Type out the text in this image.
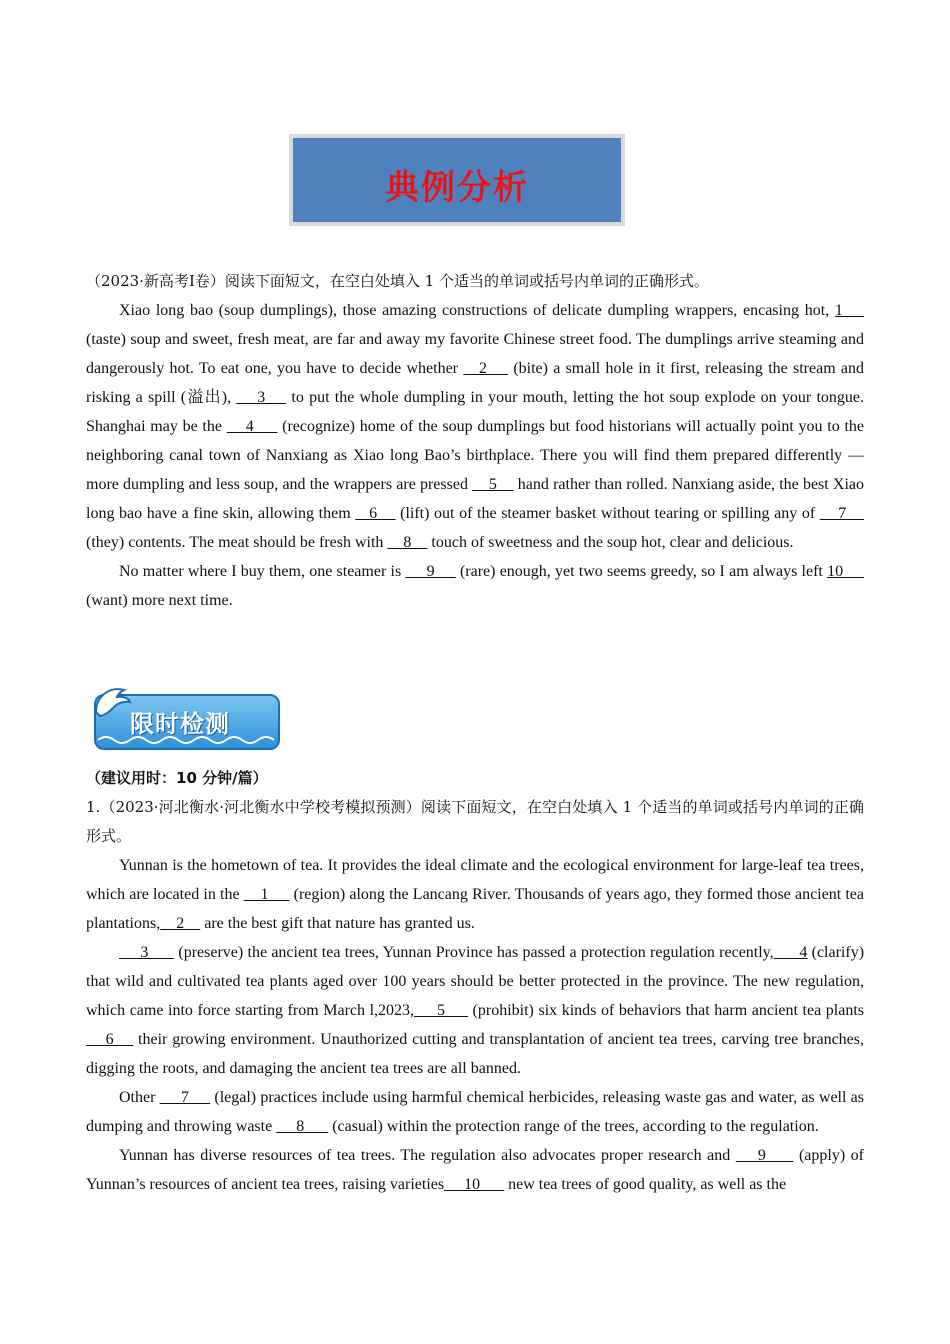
典例分析

（2023·新高考Ⅰ卷）阅读下面短文，在空白处填入 1 个适当的单词或括号内单词的正确形式。

Xiao long bao (soup dumplings), those amazing constructions of delicate dumpling wrappers, encasing hot, 1     (taste) soup and sweet, fresh meat, are far and away my favorite Chinese street food. The dumplings arrive steaming and dangerously hot. To eat one, you have to decide whether    2     (bite) a small hole in it first, releasing the stream and risking a spill (溢出),     3     to put the whole dumpling in your mouth, letting the hot soup explode on your tongue. Shanghai may be the     4      (recognize) home of the soup dumplings but food historians will actually point you to the neighboring canal town of Nanxiang as Xiao long Bao’s birthplace. There you will find them prepared differently — more dumpling and less soup, and the wrappers are pressed     5     hand rather than rolled. Nanxiang aside, the best Xiao long bao have a fine skin, allowing them    6     (lift) out of the steamer basket without tearing or spilling any of     7     (they) contents. The meat should be fresh with     8     touch of sweetness and the soup hot, clear and delicious.

No matter where I buy them, one steamer is      9      (rare) enough, yet two seems greedy, so I am always left 10      (want) more next time.

限时检测

（建议用时：10 分钟/篇）

1.（2023·河北衡水·河北衡水中学校考模拟预测）阅读下面短文，在空白处填入 1 个适当的单词或括号内单词的正确形式。

Yunnan is the hometown of tea. It provides the ideal climate and the ecological environment for large-leaf tea trees, which are located in the     1      (region) along the Lancang River. Thousands of years ago, they formed those ancient tea plantations,    2     are the best gift that nature has granted us.

3       (preserve) the ancient tea trees, Yunnan Province has passed a protection regulation recently,      4 (clarify) that wild and cultivated tea plants aged over 100 years should be better protected in the province. The new regulation, which came into force starting from March l,2023,     5      (prohibit) six kinds of behaviors that harm ancient tea plants     6     their growing environment. Unauthorized cutting and transplantation of ancient tea trees, carving tree branches, digging the roots, and damaging the ancient tea trees are all banned.

Other      7      (legal) practices include using harmful chemical herbicides, releasing waste gas and water, as well as dumping and throwing waste      8       (casual) within the protection range of the trees, according to the regulation.

Yunnan has diverse resources of tea trees. The regulation also advocates proper research and     9      (apply) of Yunnan’s resources of ancient tea trees, raising varieties     10       new tea trees of good quality, as well as the
